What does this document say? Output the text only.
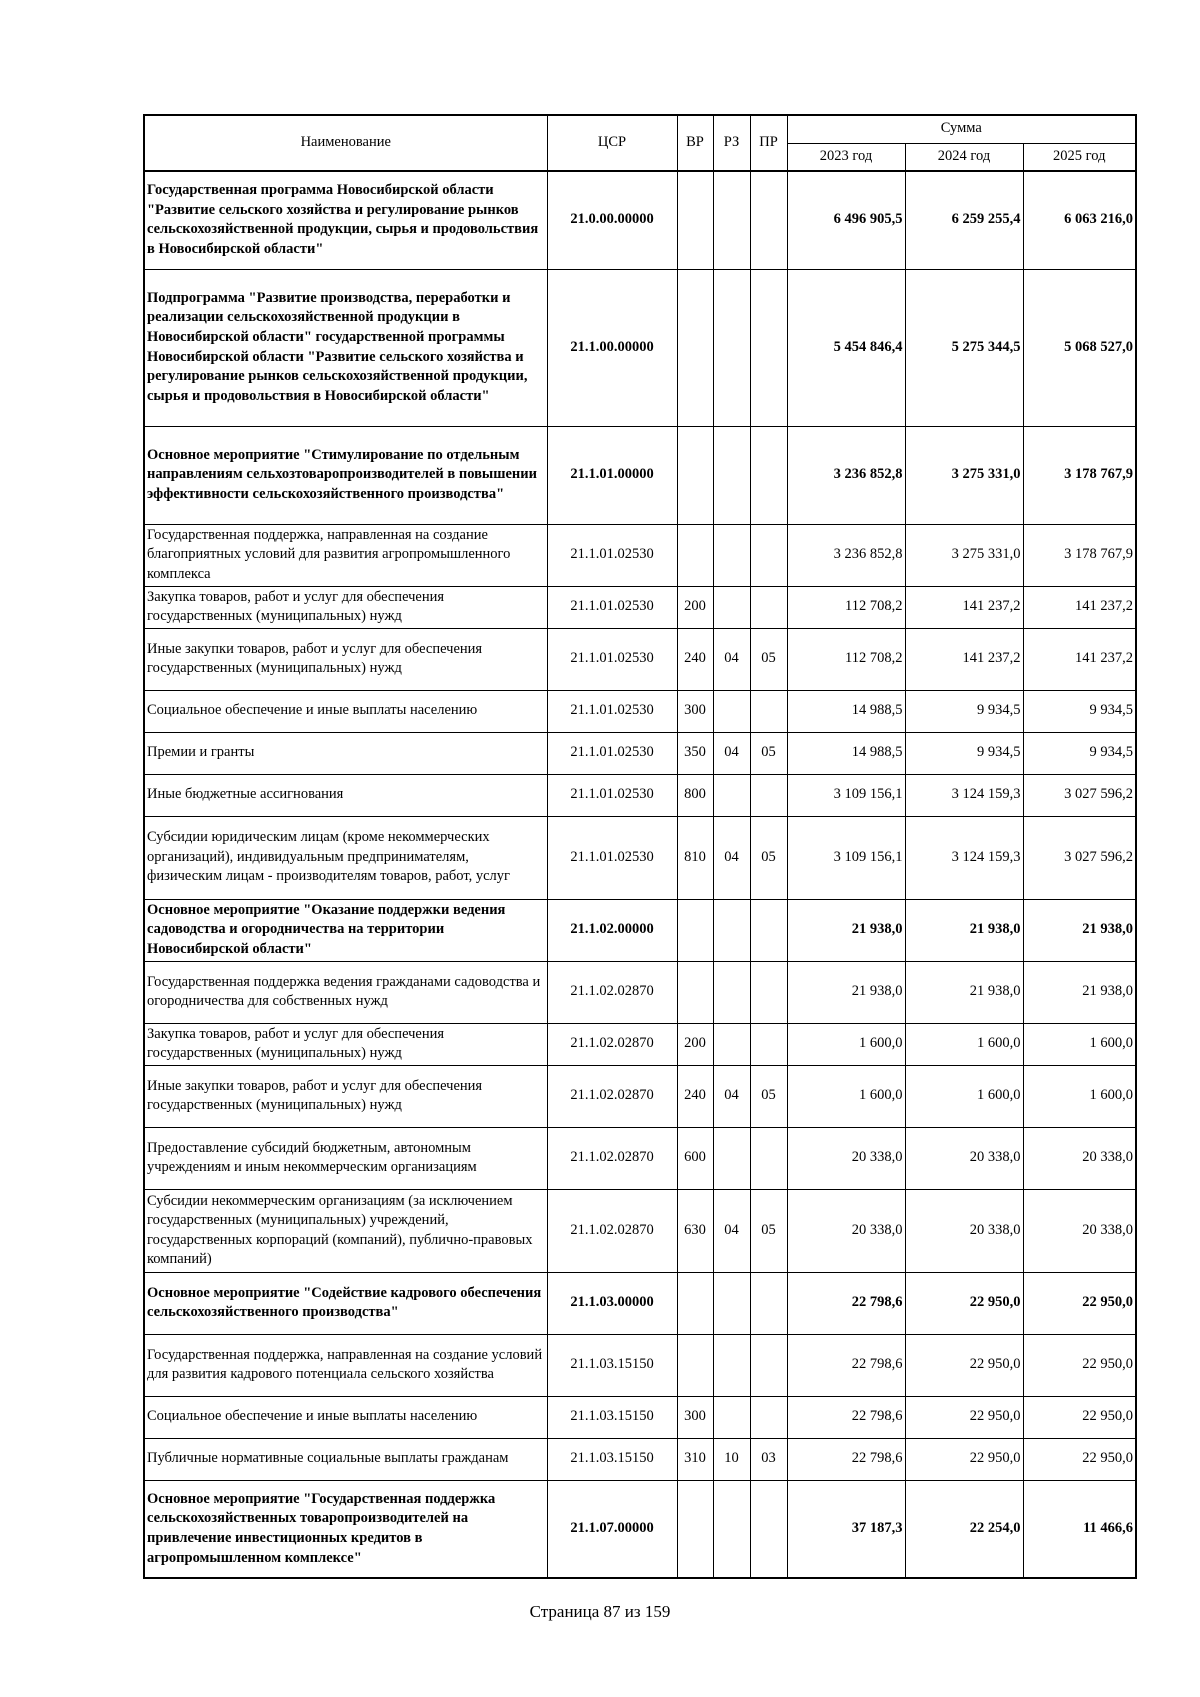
Наименование	ЦСР	ВР	РЗ	ПР	Сумма		
					2023 год	2024 год	2025 год
Государственная программа Новосибирской области "Развитие сельского хозяйства и регулирование рынков сельскохозяйственной продукции, сырья и продовольствия в Новосибирской области"	21.0.00.00000				6 496 905,5	6 259 255,4	6 063 216,0
Подпрограмма "Развитие производства, переработки и реализации сельскохозяйственной продукции в Новосибирской области" государственной программы Новосибирской области "Развитие сельского хозяйства и регулирование рынков сельскохозяйственной продукции, сырья и продовольствия в Новосибирской области"	21.1.00.00000				5 454 846,4	5 275 344,5	5 068 527,0
Основное мероприятие "Стимулирование по отдельным направлениям сельхозтоваропроизводителей в повышении эффективности сельскохозяйственного производства"	21.1.01.00000				3 236 852,8	3 275 331,0	3 178 767,9
Государственная поддержка, направленная на создание благоприятных условий для развития агропромышленного комплекса	21.1.01.02530				3 236 852,8	3 275 331,0	3 178 767,9
Закупка товаров, работ и услуг для обеспечения государственных (муниципальных) нужд	21.1.01.02530	200			112 708,2	141 237,2	141 237,2
Иные закупки товаров, работ и услуг для обеспечения государственных (муниципальных) нужд	21.1.01.02530	240	04	05	112 708,2	141 237,2	141 237,2
Социальное обеспечение и иные выплаты населению	21.1.01.02530	300			14 988,5	9 934,5	9 934,5
Премии и гранты	21.1.01.02530	350	04	05	14 988,5	9 934,5	9 934,5
Иные бюджетные ассигнования	21.1.01.02530	800			3 109 156,1	3 124 159,3	3 027 596,2
Субсидии юридическим лицам (кроме некоммерческих организаций), индивидуальным предпринимателям, физическим лицам - производителям товаров, работ, услуг	21.1.01.02530	810	04	05	3 109 156,1	3 124 159,3	3 027 596,2
Основное мероприятие "Оказание поддержки ведения садоводства и огородничества на территории Новосибирской области"	21.1.02.00000				21 938,0	21 938,0	21 938,0
Государственная поддержка ведения гражданами садоводства и огородничества для собственных нужд	21.1.02.02870				21 938,0	21 938,0	21 938,0
Закупка товаров, работ и услуг для обеспечения государственных (муниципальных) нужд	21.1.02.02870	200			1 600,0	1 600,0	1 600,0
Иные закупки товаров, работ и услуг для обеспечения государственных (муниципальных) нужд	21.1.02.02870	240	04	05	1 600,0	1 600,0	1 600,0
Предоставление субсидий бюджетным, автономным учреждениям и иным некоммерческим организациям	21.1.02.02870	600			20 338,0	20 338,0	20 338,0
Субсидии некоммерческим организациям (за исключением государственных (муниципальных) учреждений, государственных корпораций (компаний), публично-правовых компаний)	21.1.02.02870	630	04	05	20 338,0	20 338,0	20 338,0
Основное мероприятие "Содействие кадрового обеспечения сельскохозяйственного производства"	21.1.03.00000				22 798,6	22 950,0	22 950,0
Государственная поддержка, направленная на создание условий для развития кадрового потенциала сельского хозяйства	21.1.03.15150				22 798,6	22 950,0	22 950,0
Социальное обеспечение и иные выплаты населению	21.1.03.15150	300			22 798,6	22 950,0	22 950,0
Публичные нормативные социальные выплаты гражданам	21.1.03.15150	310	10	03	22 798,6	22 950,0	22 950,0
Основное мероприятие "Государственная поддержка сельскохозяйственных товаропроизводителей на привлечение инвестиционных кредитов в агропромышленном комплексе"	21.1.07.00000				37 187,3	22 254,0	11 466,6
Страница 87 из 159
